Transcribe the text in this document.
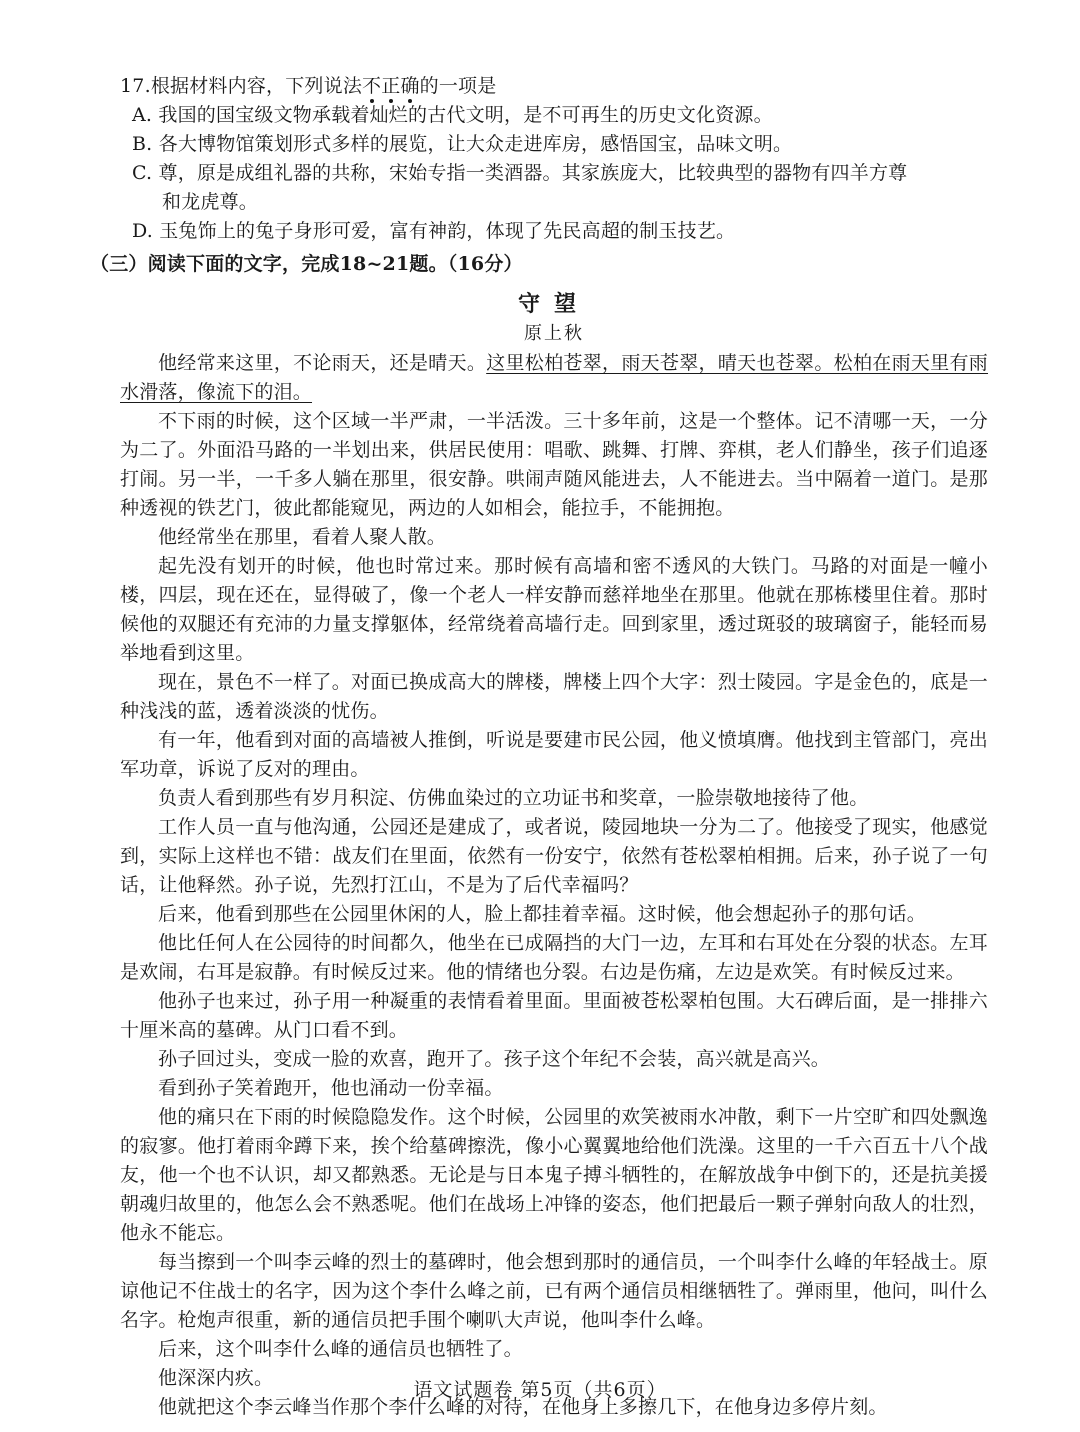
17.根据材料内容，下列说法不正确的一项是
A. 我国的国宝级文物承载着灿烂的古代文明，是不可再生的历史文化资源。
B. 各大博物馆策划形式多样的展览，让大众走进库房，感悟国宝，品味文明。
C. 尊，原是成组礼器的共称，宋始专指一类酒器。其家族庞大，比较典型的器物有四羊方尊
和龙虎尊。
D. 玉兔饰上的兔子身形可爱，富有神韵，体现了先民高超的制玉技艺。
（三）阅读下面的文字，完成18~21题。（16分）
守望
原上秋
他经常来这里，不论雨天，还是晴天。这里松柏苍翠，雨天苍翠，晴天也苍翠。松柏在雨天里有雨水滑落，像流下的泪。
不下雨的时候，这个区域一半严肃，一半活泼。三十多年前，这是一个整体。记不清哪一天，一分为二了。外面沿马路的一半划出来，供居民使用：唱歌、跳舞、打牌、弈棋，老人们静坐，孩子们追逐打闹。另一半，一千多人躺在那里，很安静。哄闹声随风能进去，人不能进去。当中隔着一道门。是那种透视的铁艺门，彼此都能窥见，两边的人如相会，能拉手，不能拥抱。
他经常坐在那里，看着人聚人散。
起先没有划开的时候，他也时常过来。那时候有高墙和密不透风的大铁门。马路的对面是一幢小楼，四层，现在还在，显得破了，像一个老人一样安静而慈祥地坐在那里。他就在那栋楼里住着。那时候他的双腿还有充沛的力量支撑躯体，经常绕着高墙行走。回到家里，透过斑驳的玻璃窗子，能轻而易举地看到这里。
现在，景色不一样了。对面已换成高大的牌楼，牌楼上四个大字：烈士陵园。字是金色的，底是一种浅浅的蓝，透着淡淡的忧伤。
有一年，他看到对面的高墙被人推倒，听说是要建市民公园，他义愤填膺。他找到主管部门，亮出军功章，诉说了反对的理由。
负责人看到那些有岁月积淀、仿佛血染过的立功证书和奖章，一脸崇敬地接待了他。
工作人员一直与他沟通，公园还是建成了，或者说，陵园地块一分为二了。他接受了现实，他感觉到，实际上这样也不错：战友们在里面，依然有一份安宁，依然有苍松翠柏相拥。后来，孙子说了一句话，让他释然。孙子说，先烈打江山，不是为了后代幸福吗？
后来，他看到那些在公园里休闲的人，脸上都挂着幸福。这时候，他会想起孙子的那句话。
他比任何人在公园待的时间都久，他坐在已成隔挡的大门一边，左耳和右耳处在分裂的状态。左耳是欢闹，右耳是寂静。有时候反过来。他的情绪也分裂。右边是伤痛，左边是欢笑。有时候反过来。
他孙子也来过，孙子用一种凝重的表情看着里面。里面被苍松翠柏包围。大石碑后面，是一排排六十厘米高的墓碑。从门口看不到。
孙子回过头，变成一脸的欢喜，跑开了。孩子这个年纪不会装，高兴就是高兴。
看到孙子笑着跑开，他也涌动一份幸福。
他的痛只在下雨的时候隐隐发作。这个时候，公园里的欢笑被雨水冲散，剩下一片空旷和四处飘逸的寂寥。他打着雨伞蹲下来，挨个给墓碑擦洗，像小心翼翼地给他们洗澡。这里的一千六百五十八个战友，他一个也不认识，却又都熟悉。无论是与日本鬼子搏斗牺牲的，在解放战争中倒下的，还是抗美援朝魂归故里的，他怎么会不熟悉呢。他们在战场上冲锋的姿态，他们把最后一颗子弹射向敌人的壮烈，他永不能忘。
每当擦到一个叫李云峰的烈士的墓碑时，他会想到那时的通信员，一个叫李什么峰的年轻战士。原谅他记不住战士的名字，因为这个李什么峰之前，已有两个通信员相继牺牲了。弹雨里，他问，叫什么名字。枪炮声很重，新的通信员把手围个喇叭大声说，他叫李什么峰。
后来，这个叫李什么峰的通信员也牺牲了。
他深深内疚。
他就把这个李云峰当作那个李什么峰的对待，在他身上多擦几下，在他身边多停片刻。
语文试题卷 第5页（共6页）
